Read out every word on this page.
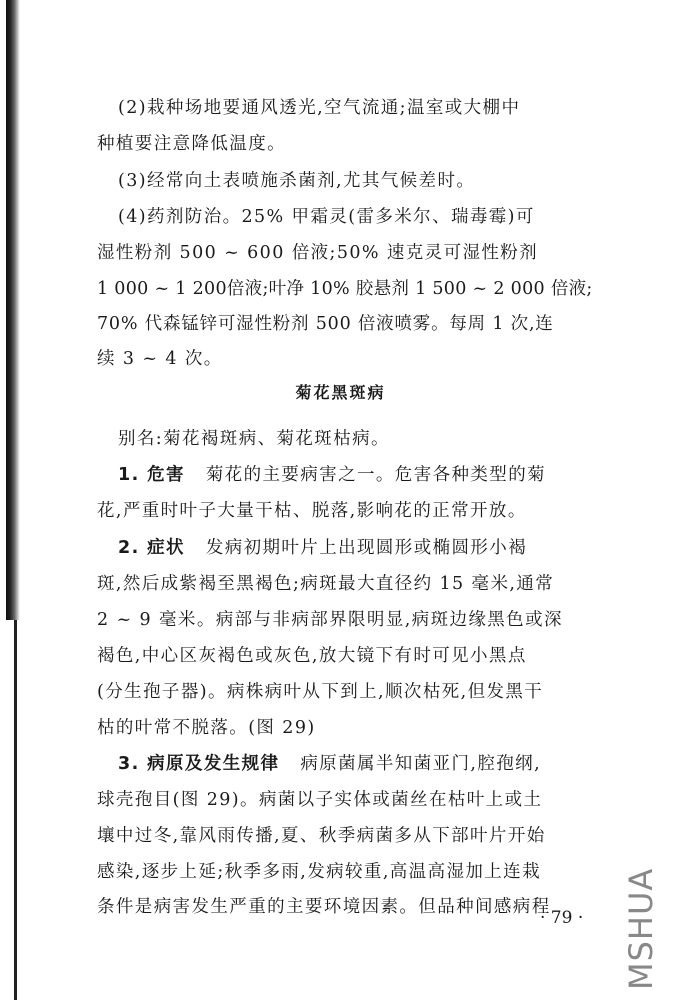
(2)栽种场地要通风透光,空气流通;温室或大棚中
种植要注意降低温度。
(3)经常向土表喷施杀菌剂,尤其气候差时。
(4)药剂防治。25% 甲霜灵(雷多米尔、瑞毒霉)可
湿性粉剂 500 ~ 600 倍液;50% 速克灵可湿性粉剂
1 000 ~ 1 200倍液;叶净 10% 胶悬剂 1 500 ~ 2 000 倍液;
70% 代森锰锌可湿性粉剂 500 倍液喷雾。每周 1 次,连
续 3 ~ 4 次。
菊花黑斑病
别名:菊花褐斑病、菊花斑枯病。
1. 危害 菊花的主要病害之一。危害各种类型的菊
花,严重时叶子大量干枯、脱落,影响花的正常开放。
2. 症状 发病初期叶片上出现圆形或椭圆形小褐
斑,然后成紫褐至黑褐色;病斑最大直径约 15 毫米,通常
2 ~ 9 毫米。病部与非病部界限明显,病斑边缘黑色或深
褐色,中心区灰褐色或灰色,放大镜下有时可见小黑点
(分生孢子器)。病株病叶从下到上,顺次枯死,但发黑干
枯的叶常不脱落。(图 29)
3. 病原及发生规律 病原菌属半知菌亚门,腔孢纲,
球壳孢目(图 29)。病菌以子实体或菌丝在枯叶上或土
壤中过冬,靠风雨传播,夏、秋季病菌多从下部叶片开始
感染,逐步上延;秋季多雨,发病较重,高温高湿加上连栽
条件是病害发生严重的主要环境因素。但品种间感病程
· 79 · MSHUA
